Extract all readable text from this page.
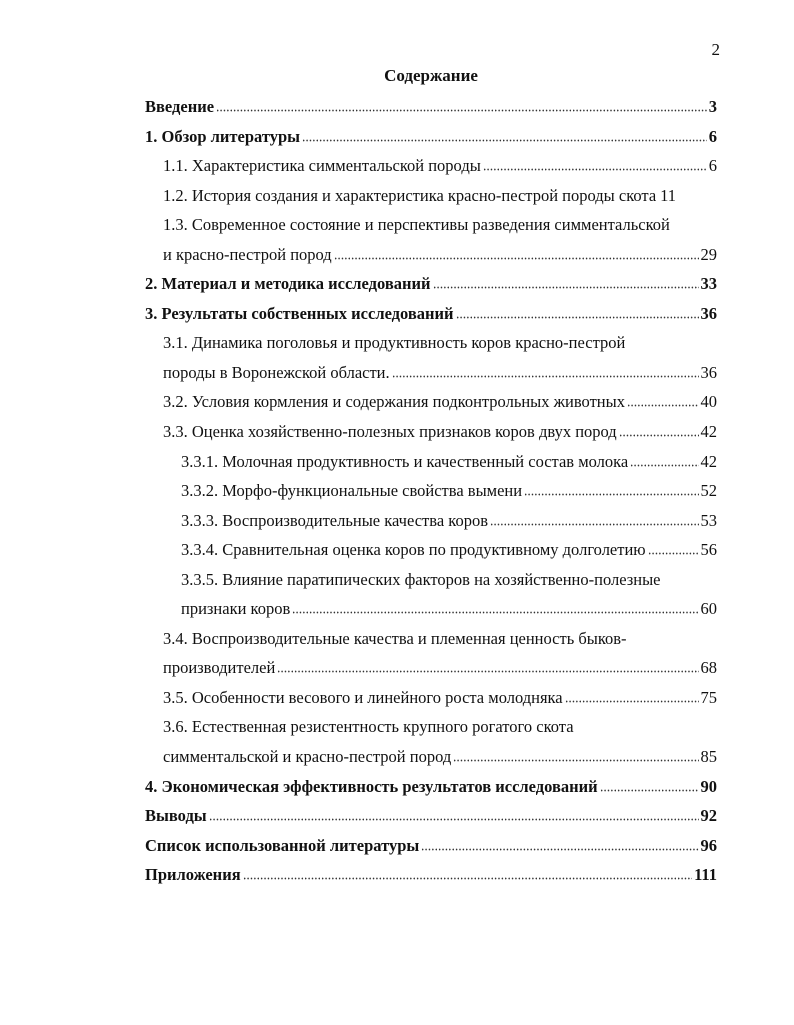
2
Содержание
Введение	3
1. Обзор литературы	6
1.1. Характеристика симментальской породы	6
1.2. История создания и характеристика красно-пестрой породы скота 11
1.3. Современное состояние и перспективы разведения симментальской
и красно-пестрой пород	29
2. Материал и методика исследований	33
3. Результаты собственных исследований	36
3.1. Динамика поголовья и продуктивность коров красно-пестрой
породы в Воронежской области.	36
3.2. Условия кормления и содержания подконтрольных животных	40
3.3. Оценка хозяйственно-полезных признаков коров двух пород	42
3.3.1. Молочная продуктивность и качественный состав молока	42
3.3.2. Морфо-функциональные свойства вымени	52
3.3.3. Воспроизводительные качества коров	53
3.3.4. Сравнительная оценка коров по продуктивному долголетию	56
3.3.5. Влияние паратипических факторов на хозяйственно-полезные
признаки коров	60
3.4. Воспроизводительные качества и племенная ценность быков-
производителей	68
3.5. Особенности весового и линейного роста молодняка	75
3.6. Естественная резистентность крупного рогатого скота
симментальской и красно-пестрой пород	85
4. Экономическая эффективность результатов исследований	90
Выводы	92
Список использованной литературы	96
Приложения	111
